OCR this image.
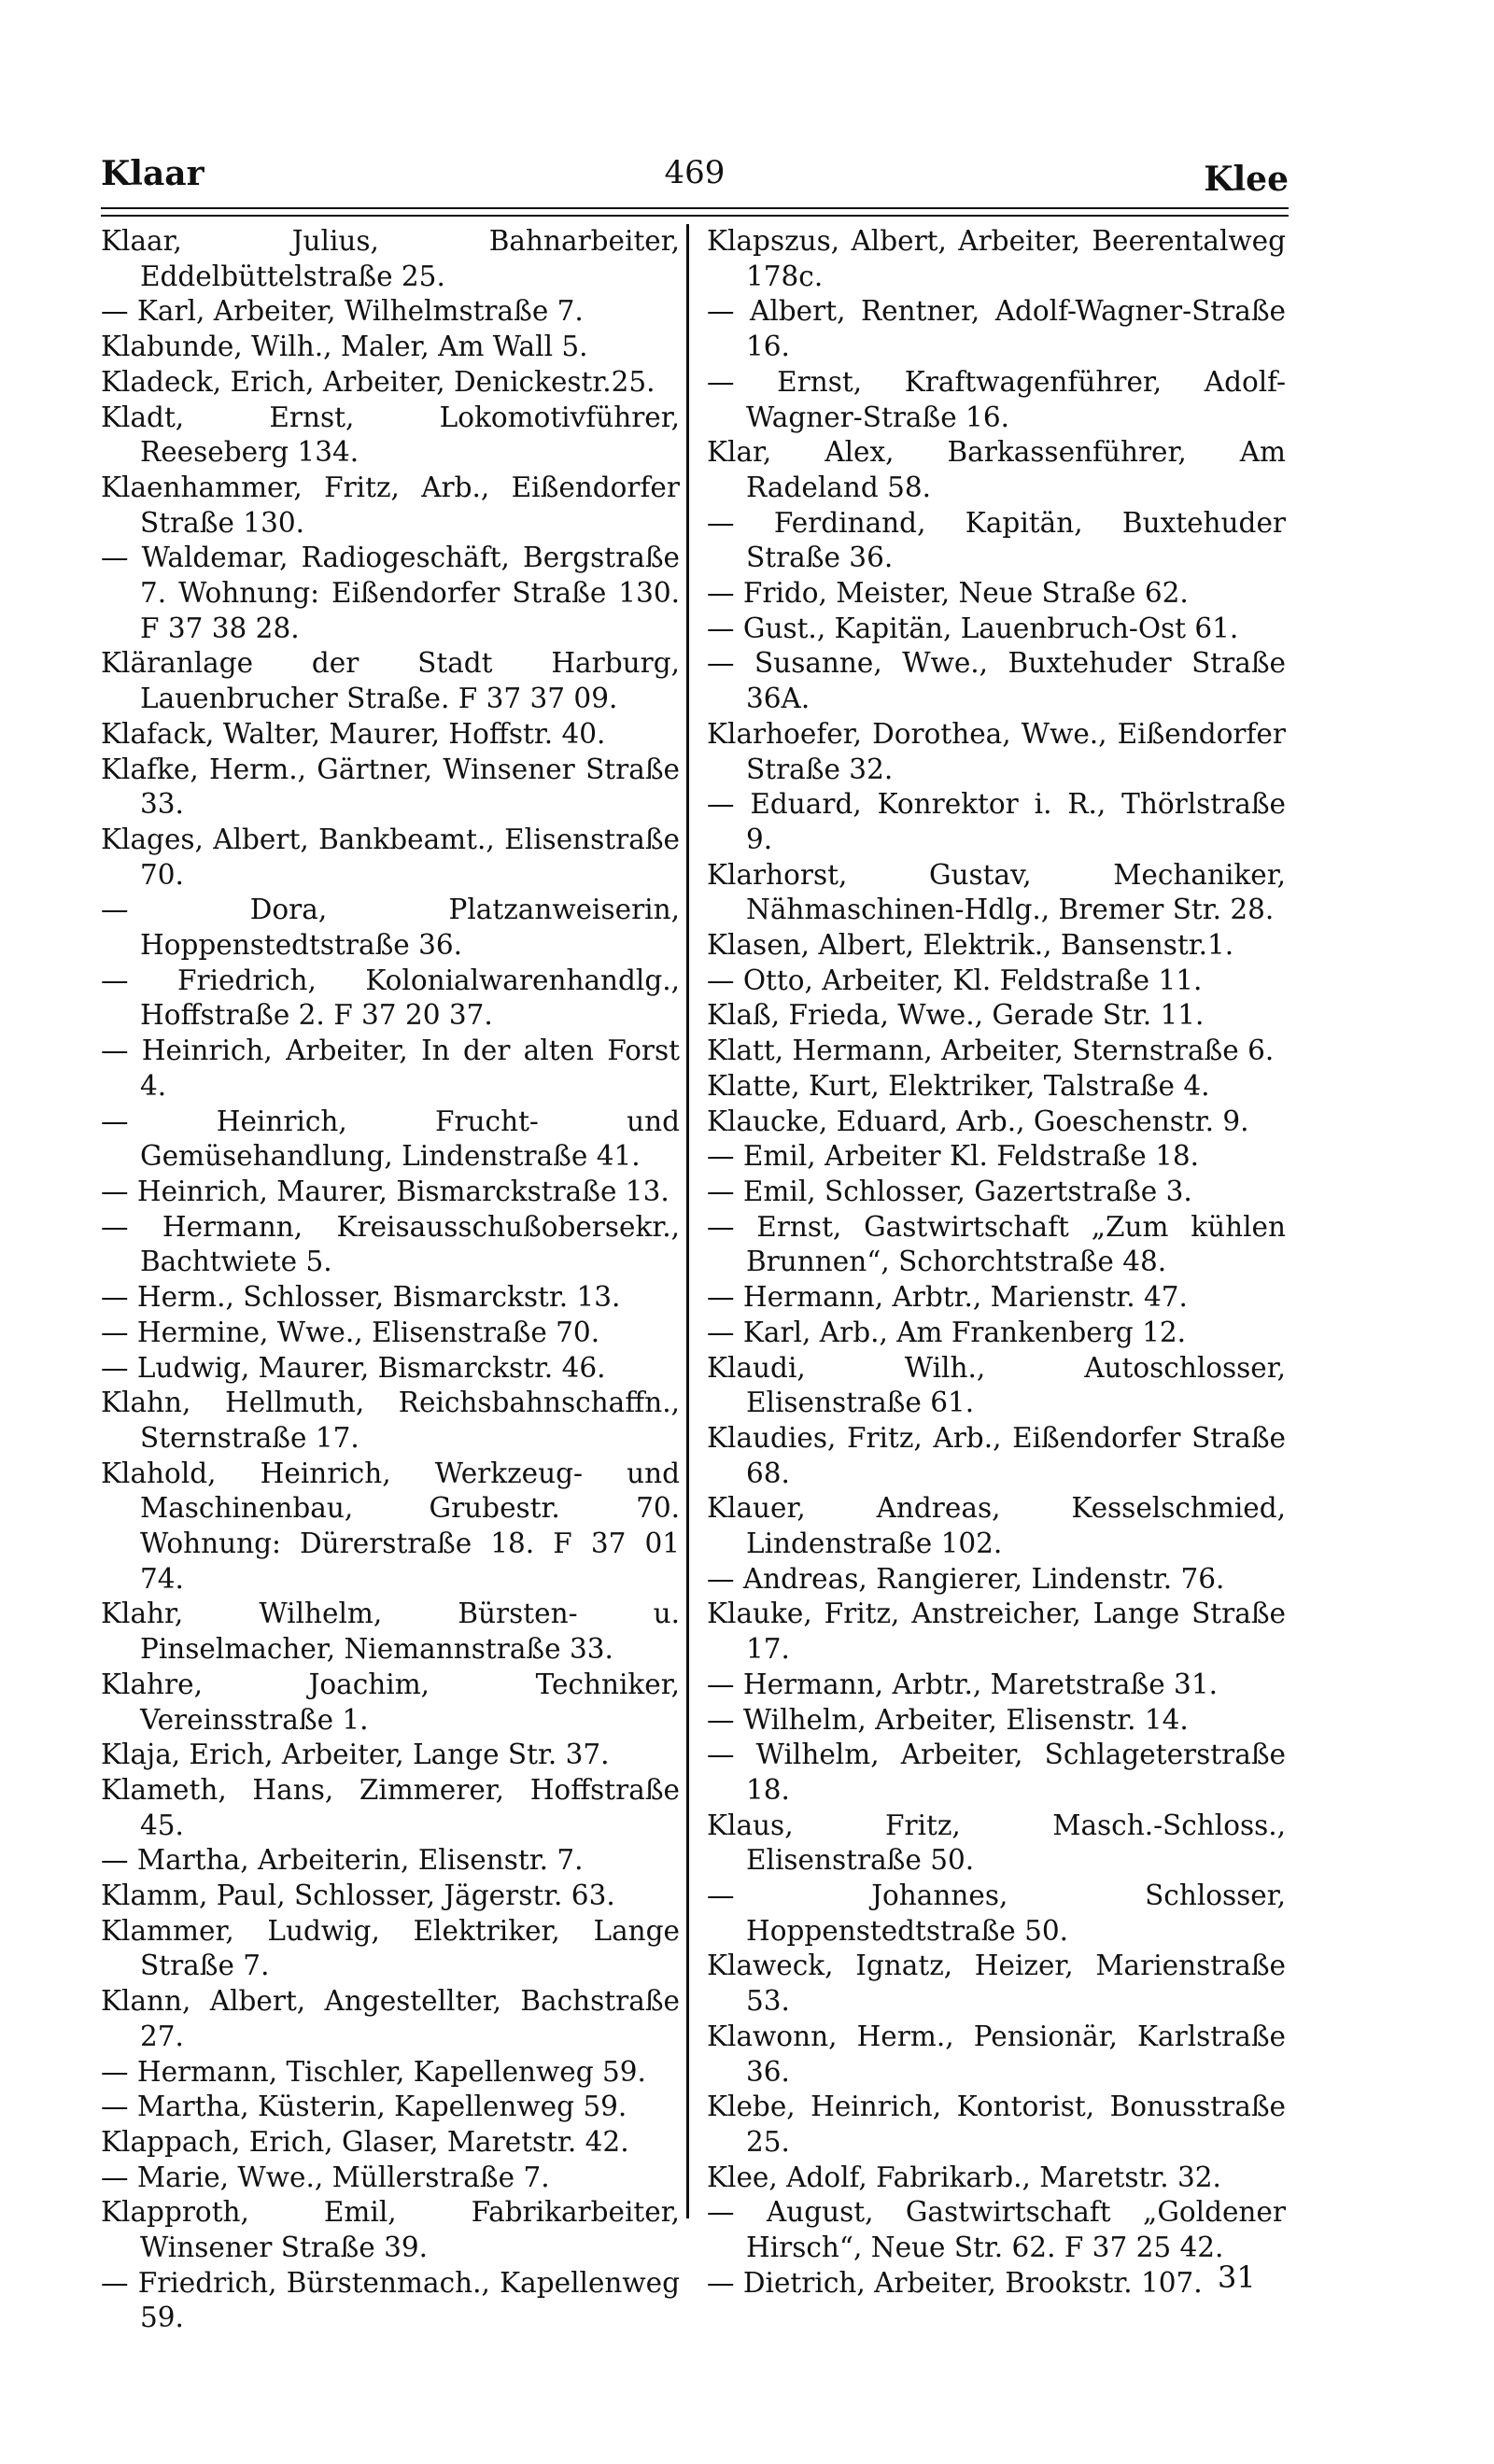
Klaar	469	Klee
Klaar, Julius, Bahnarbeiter, Eddelbüttelstraße 25.
— Karl, Arbeiter, Wilhelmstraße 7.
Klabunde, Wilh., Maler, Am Wall 5.
Kladeck, Erich, Arbeiter, Denickestr.25.
Kladt, Ernst, Lokomotivführer, Reeseberg 134.
Klaenhammer, Fritz, Arb., Eißendorfer Straße 130.
— Waldemar, Radiogeschäft, Bergstraße 7. Wohnung: Eißendorfer Straße 130. F 37 38 28.
Kläranlage der Stadt Harburg, Lauenbrucher Straße. F 37 37 09.
Klafack, Walter, Maurer, Hoffstr. 40.
Klafke, Herm., Gärtner, Winsener Straße 33.
Klages, Albert, Bankbeamt., Elisenstraße 70.
— Dora, Platzanweiserin, Hoppenstedtstraße 36.
— Friedrich, Kolonialwarenhandlg., Hoffstraße 2. F 37 20 37.
— Heinrich, Arbeiter, In der alten Forst 4.
— Heinrich, Frucht- und Gemüsehandlung, Lindenstraße 41.
— Heinrich, Maurer, Bismarckstraße 13.
— Hermann, Kreisausschußobersekr., Bachtwiete 5.
— Herm., Schlosser, Bismarckstr. 13.
— Hermine, Wwe., Elisenstraße 70.
— Ludwig, Maurer, Bismarckstr. 46.
Klahn, Hellmuth, Reichsbahnschaffn., Sternstraße 17.
Klahold, Heinrich, Werkzeug- und Maschinenbau, Grubestr. 70. Wohnung: Dürerstraße 18. F 37 01 74.
Klahr, Wilhelm, Bürsten- u. Pinselmacher, Niemannstraße 33.
Klahre, Joachim, Techniker, Vereinsstraße 1.
Klaja, Erich, Arbeiter, Lange Str. 37.
Klameth, Hans, Zimmerer, Hoffstraße 45.
— Martha, Arbeiterin, Elisenstr. 7.
Klamm, Paul, Schlosser, Jägerstr. 63.
Klammer, Ludwig, Elektriker, Lange Straße 7.
Klann, Albert, Angestellter, Bachstraße 27.
— Hermann, Tischler, Kapellenweg 59.
— Martha, Küsterin, Kapellenweg 59.
Klappach, Erich, Glaser, Maretstr. 42.
— Marie, Wwe., Müllerstraße 7.
Klapproth, Emil, Fabrikarbeiter, Winsener Straße 39.
— Friedrich, Bürstenmach., Kapellenweg 59.
Klapszus, Albert, Arbeiter, Beerentalweg 178c.
— Albert, Rentner, Adolf-Wagner-Straße 16.
— Ernst, Kraftwagenführer, Adolf-Wagner-Straße 16.
Klar, Alex, Barkassenführer, Am Radeland 58.
— Ferdinand, Kapitän, Buxtehuder Straße 36.
— Frido, Meister, Neue Straße 62.
— Gust., Kapitän, Lauenbruch-Ost 61.
— Susanne, Wwe., Buxtehuder Straße 36A.
Klarhoefer, Dorothea, Wwe., Eißendorfer Straße 32.
— Eduard, Konrektor i. R., Thörlstraße 9.
Klarhorst, Gustav, Mechaniker, Nähmaschinen-Hdlg., Bremer Str. 28.
Klasen, Albert, Elektrik., Bansenstr.1.
— Otto, Arbeiter, Kl. Feldstraße 11.
Klaß, Frieda, Wwe., Gerade Str. 11.
Klatt, Hermann, Arbeiter, Sternstraße 6.
Klatte, Kurt, Elektriker, Talstraße 4.
Klaucke, Eduard, Arb., Goeschenstr. 9.
— Emil, Arbeiter Kl. Feldstraße 18.
— Emil, Schlosser, Gazertstraße 3.
— Ernst, Gastwirtschaft „Zum kühlen Brunnen“, Schorchtstraße 48.
— Hermann, Arbtr., Marienstr. 47.
— Karl, Arb., Am Frankenberg 12.
Klaudi, Wilh., Autoschlosser, Elisenstraße 61.
Klaudies, Fritz, Arb., Eißendorfer Straße 68.
Klauer, Andreas, Kesselschmied, Lindenstraße 102.
— Andreas, Rangierer, Lindenstr. 76.
Klauke, Fritz, Anstreicher, Lange Straße 17.
— Hermann, Arbtr., Maretstraße 31.
— Wilhelm, Arbeiter, Elisenstr. 14.
— Wilhelm, Arbeiter, Schlageterstraße 18.
Klaus, Fritz, Masch.-Schloss., Elisenstraße 50.
— Johannes, Schlosser, Hoppenstedtstraße 50.
Klaweck, Ignatz, Heizer, Marienstraße 53.
Klawonn, Herm., Pensionär, Karlstraße 36.
Klebe, Heinrich, Kontorist, Bonusstraße 25.
Klee, Adolf, Fabrikarb., Maretstr. 32.
— August, Gastwirtschaft „Goldener Hirsch“, Neue Str. 62. F 37 25 42.
— Dietrich, Arbeiter, Brookstr. 107. 31
